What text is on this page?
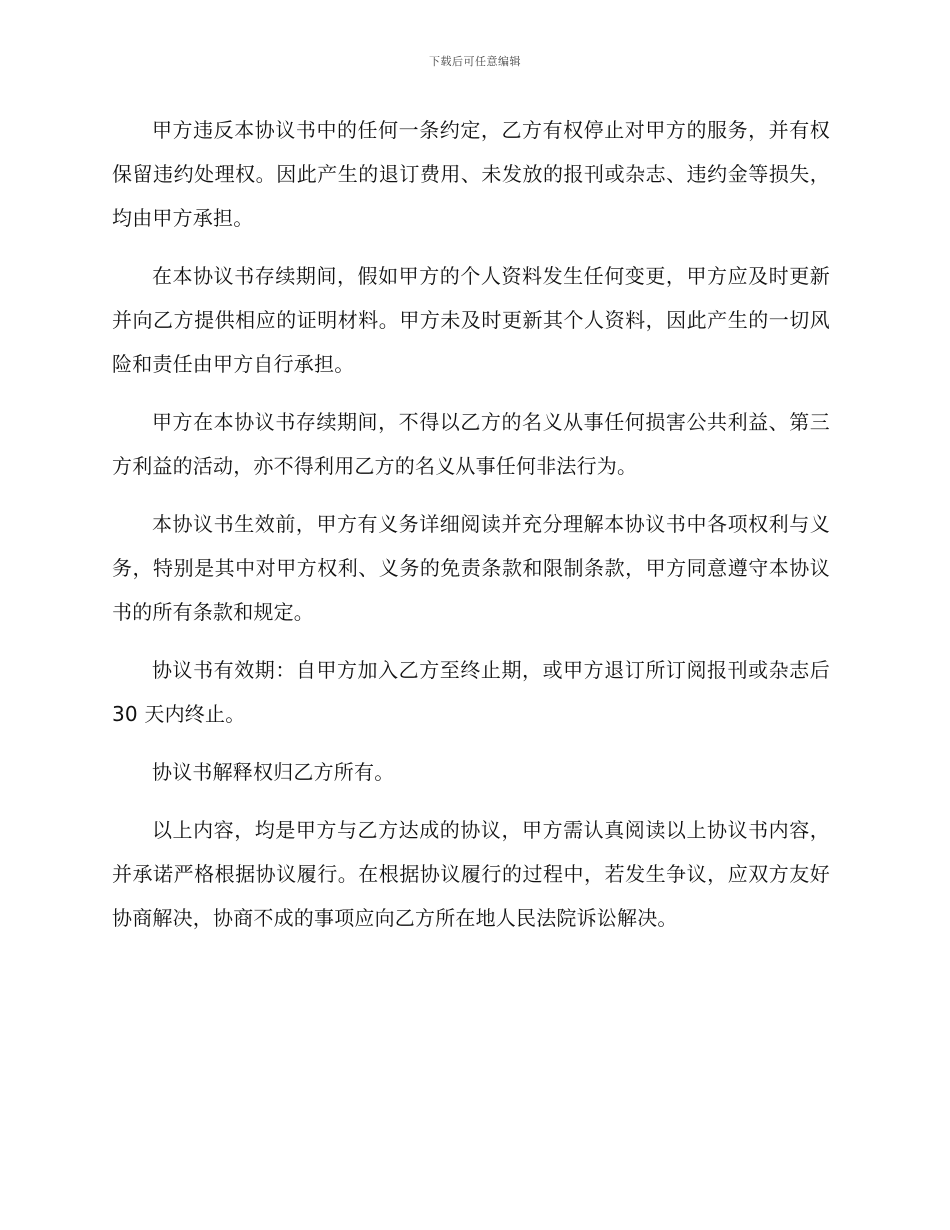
下载后可任意编辑

甲方违反本协议书中的任何一条约定，乙方有权停止对甲方的服务，并有权保留违约处理权。因此产生的退订费用、未发放的报刊或杂志、违约金等损失，均由甲方承担。

在本协议书存续期间，假如甲方的个人资料发生任何变更，甲方应及时更新并向乙方提供相应的证明材料。甲方未及时更新其个人资料，因此产生的一切风险和责任由甲方自行承担。

甲方在本协议书存续期间，不得以乙方的名义从事任何损害公共利益、第三方利益的活动，亦不得利用乙方的名义从事任何非法行为。

本协议书生效前，甲方有义务详细阅读并充分理解本协议书中各项权利与义务，特别是其中对甲方权利、义务的免责条款和限制条款，甲方同意遵守本协议书的所有条款和规定。

协议书有效期：自甲方加入乙方至终止期，或甲方退订所订阅报刊或杂志后 30 天内终止。

协议书解释权归乙方所有。

以上内容，均是甲方与乙方达成的协议，甲方需认真阅读以上协议书内容，并承诺严格根据协议履行。在根据协议履行的过程中，若发生争议，应双方友好协商解决，协商不成的事项应向乙方所在地人民法院诉讼解决。
